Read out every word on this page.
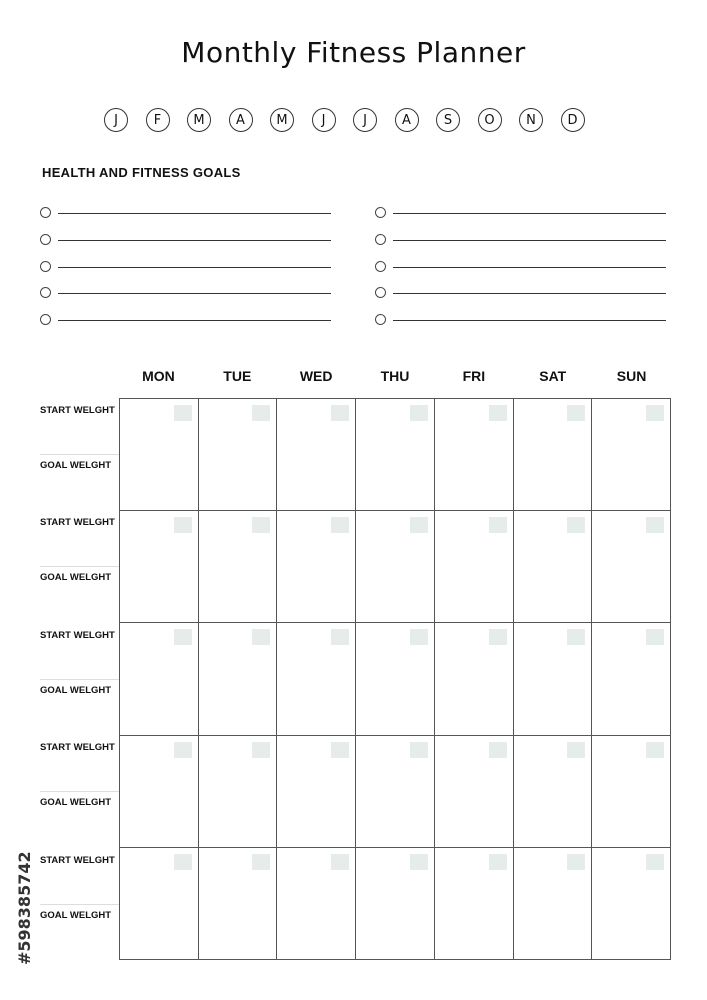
Monthly Fitness Planner
J	F	M	A	M	J	J	A	S	O	N	D
HEALTH AND FITNESS GOALS
MON	TUE	WED	THU	FRI	SAT	SUN
START WELGHT
GOAL WELGHT
START WELGHT
GOAL WELGHT
START WELGHT
GOAL WELGHT
START WELGHT
GOAL WELGHT
START WELGHT
GOAL WELGHT
#598385742
